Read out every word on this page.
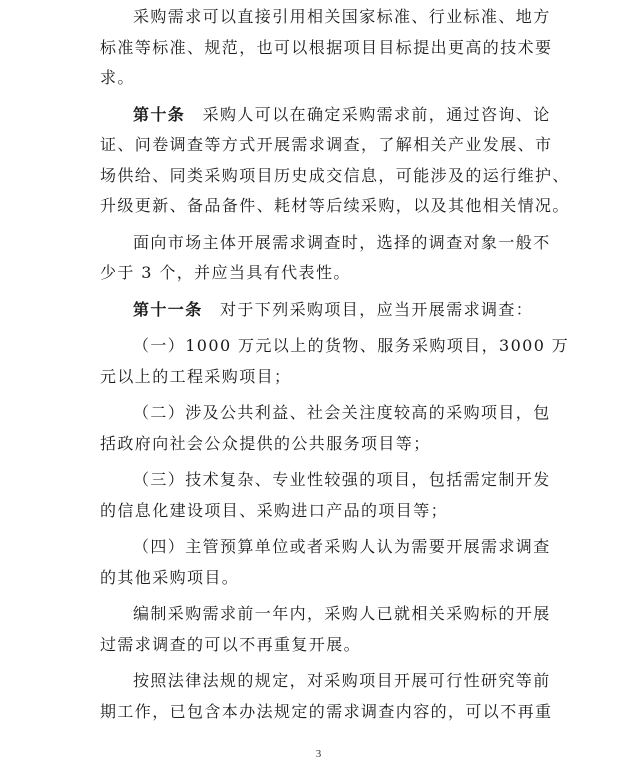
采购需求可以直接引用相关国家标准、行业标准、地方
标准等标准、规范，也可以根据项目目标提出更高的技术要
求。
第十条　采购人可以在确定采购需求前，通过咨询、论
证、问卷调查等方式开展需求调查，了解相关产业发展、市
场供给、同类采购项目历史成交信息，可能涉及的运行维护、
升级更新、备品备件、耗材等后续采购，以及其他相关情况。
面向市场主体开展需求调查时，选择的调查对象一般不
少于 3 个，并应当具有代表性。
第十一条　对于下列采购项目，应当开展需求调查：
（一）1000 万元以上的货物、服务采购项目，3000 万
元以上的工程采购项目；
（二）涉及公共利益、社会关注度较高的采购项目，包
括政府向社会公众提供的公共服务项目等；
（三）技术复杂、专业性较强的项目，包括需定制开发
的信息化建设项目、采购进口产品的项目等；
（四）主管预算单位或者采购人认为需要开展需求调查
的其他采购项目。
编制采购需求前一年内，采购人已就相关采购标的开展
过需求调查的可以不再重复开展。
按照法律法规的规定，对采购项目开展可行性研究等前
期工作，已包含本办法规定的需求调查内容的，可以不再重
3
